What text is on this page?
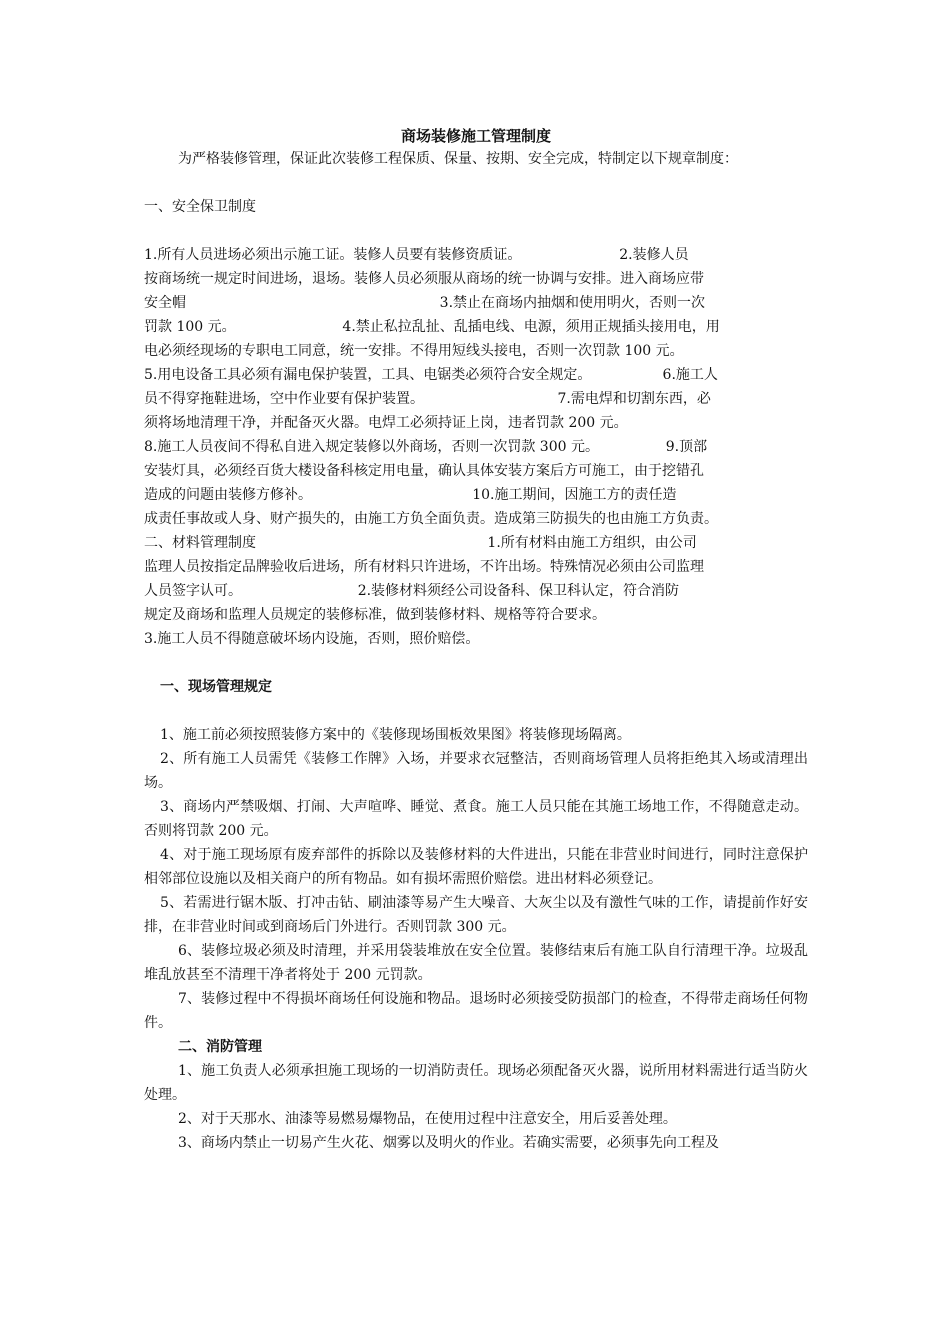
商场装修施工管理制度

为严格装修管理，保证此次装修工程保质、保量、按期、安全完成，特制定以下规章制度：

一、安全保卫制度

1.所有人员进场必须出示施工证。装修人员要有装修资质证。                      2.装修人员

按商场统一规定时间进场，退场。装修人员必须服从商场的统一协调与安排。进入商场应带

安全帽                                                         3.禁止在商场内抽烟和使用明火，否则一次

罚款 100 元。                        4.禁止私拉乱扯、乱插电线、电源，须用正规插头接用电，用

电必须经现场的专职电工同意，统一安排。不得用短线头接电，否则一次罚款 100 元。

5.用电设备工具必须有漏电保护装置，工具、电锯类必须符合安全规定。                6.施工人

员不得穿拖鞋进场，空中作业要有保护装置。                              7.需电焊和切割东西，必

须将场地清理干净，并配备灭火器。电焊工必须持证上岗，违者罚款 200 元。

8.施工人员夜间不得私自进入规定装修以外商场，否则一次罚款 300 元。               9.顶部

安装灯具，必须经百货大楼设备科核定用电量，确认具体安装方案后方可施工，由于挖错孔

造成的问题由装修方修补。                                    10.施工期间，因施工方的责任造

成责任事故或人身、财产损失的，由施工方负全面负责。造成第三防损失的也由施工方负责。

二、材料管理制度                                                    1.所有材料由施工方组织，由公司

监理人员按指定品牌验收后进场，所有材料只许进场，不许出场。特殊情况必须由公司监理

人员签字认可。                          2.装修材料须经公司设备科、保卫科认定，符合消防

规定及商场和监理人员规定的装修标准，做到装修材料、规格等符合要求。

3.施工人员不得随意破坏场内设施，否则，照价赔偿。

一、现场管理规定

1、施工前必须按照装修方案中的《装修现场围板效果图》将装修现场隔离。

2、所有施工人员需凭《装修工作牌》入场，并要求衣冠整洁，否则商场管理人员将拒绝其入场或清理出场。

3、商场内严禁吸烟、打闹、大声喧哗、睡觉、煮食。施工人员只能在其施工场地工作，不得随意走动。否则将罚款 200 元。

4、对于施工现场原有废弃部件的拆除以及装修材料的大件进出，只能在非营业时间进行，同时注意保护相邻部位设施以及相关商户的所有物品。如有损坏需照价赔偿。进出材料必须登记。

5、若需进行锯木版、打冲击钻、刷油漆等易产生大噪音、大灰尘以及有激性气味的工作，请提前作好安排，在非营业时间或到商场后门外进行。否则罚款 300 元。

6、装修垃圾必须及时清理，并采用袋装堆放在安全位置。装修结束后有施工队自行清理干净。垃圾乱堆乱放甚至不清理干净者将处于 200 元罚款。

7、装修过程中不得损坏商场任何设施和物品。退场时必须接受防损部门的检查，不得带走商场任何物件。

二、消防管理

1、施工负责人必须承担施工现场的一切消防责任。现场必须配备灭火器，说所用材料需进行适当防火处理。

2、对于天那水、油漆等易燃易爆物品，在使用过程中注意安全，用后妥善处理。

3、商场内禁止一切易产生火花、烟雾以及明火的作业。若确实需要，必须事先向工程及
